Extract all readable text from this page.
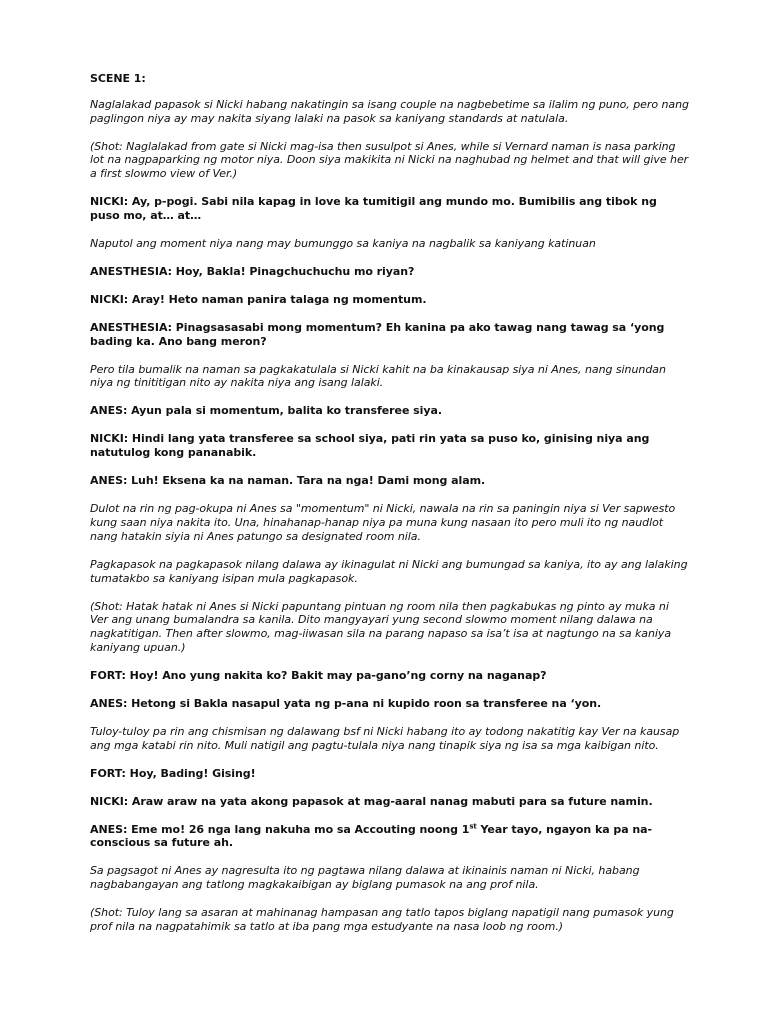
SCENE 1:

Naglalakad papasok si Nicki habang nakatingin sa isang couple na nagbebetime sa ilalim ng puno, pero nang paglingon niya ay may nakita siyang lalaki na pasok sa kaniyang standards at natulala.

(Shot: Naglalakad from gate si Nicki mag-isa then susulpot si Anes, while si Vernard naman is nasa parking lot na nagpaparking ng motor niya. Doon siya makikita ni Nicki na naghubad ng helmet and that will give her a first slowmo view of Ver.)

NICKI: Ay, p-pogi. Sabi nila kapag in love ka tumitigil ang mundo mo. Bumibilis ang tibok ng puso mo, at… at…

Naputol ang moment niya nang may bumunggo sa kaniya na nagbalik sa kaniyang katinuan

ANESTHESIA: Hoy, Bakla! Pinagchuchuchu mo riyan?

NICKI: Aray! Heto naman panira talaga ng momentum.

ANESTHESIA: Pinagsasasabi mong momentum? Eh kanina pa ako tawag nang tawag sa ‘yong bading ka. Ano bang meron?

Pero tila bumalik na naman sa pagkakatulala si Nicki kahit na ba kinakausap siya ni Anes, nang sinundan niya ng tinititigan nito ay nakita niya ang isang lalaki.

ANES: Ayun pala si momentum, balita ko transferee siya.

NICKI: Hindi lang yata transferee sa school siya, pati rin yata sa puso ko, ginising niya ang natutulog kong pananabik.

ANES: Luh! Eksena ka na naman. Tara na nga! Dami mong alam.

Dulot na rin ng pag-okupa ni Anes sa "momentum" ni Nicki, nawala na rin sa paningin niya si Ver sapwesto kung saan niya nakita ito. Una, hinahanap-hanap niya pa muna kung nasaan ito pero muli ito ng naudlot nang hatakin siyia ni Anes patungo sa designated room nila.

Pagkapasok na pagkapasok nilang dalawa ay ikinagulat ni Nicki ang bumungad sa kaniya, ito ay ang lalaking tumatakbo sa kaniyang isipan mula pagkapasok.

(Shot: Hatak hatak ni Anes si Nicki papuntang pintuan ng room nila then pagkabukas ng pinto ay muka ni Ver ang unang bumalandra sa kanila. Dito mangyayari yung second slowmo moment nilang dalawa na nagkatitigan. Then after slowmo, mag-iiwasan sila na parang napaso sa isa’t isa at nagtungo na sa kaniya kaniyang upuan.)

FORT: Hoy! Ano yung nakita ko? Bakit may pa-gano’ng corny na naganap?

ANES: Hetong si Bakla nasapul yata ng p-ana ni kupido roon sa transferee na ‘yon.

Tuloy-tuloy pa rin ang chismisan ng dalawang bsf ni Nicki habang ito ay todong nakatitig kay Ver na kausap ang mga katabi rin nito. Muli natigil ang pagtu-tulala niya nang tinapik siya ng isa sa mga kaibigan nito.

FORT: Hoy, Bading! Gising!

NICKI: Araw araw na yata akong papasok at mag-aaral nanag mabuti para sa future namin.

ANES: Eme mo! 26 nga lang nakuha mo sa Accouting noong 1st Year tayo, ngayon ka pa na-conscious sa future ah.

Sa pagsagot ni Anes ay nagresulta ito ng pagtawa nilang dalawa at ikinainis naman ni Nicki, habang nagbabangayan ang tatlong magkakaibigan ay biglang pumasok na ang prof nila.

(Shot: Tuloy lang sa asaran at mahinanag hampasan ang tatlo tapos biglang napatigil nang pumasok yung prof nila na nagpatahimik sa tatlo at iba pang mga estudyante na nasa loob ng room.)
